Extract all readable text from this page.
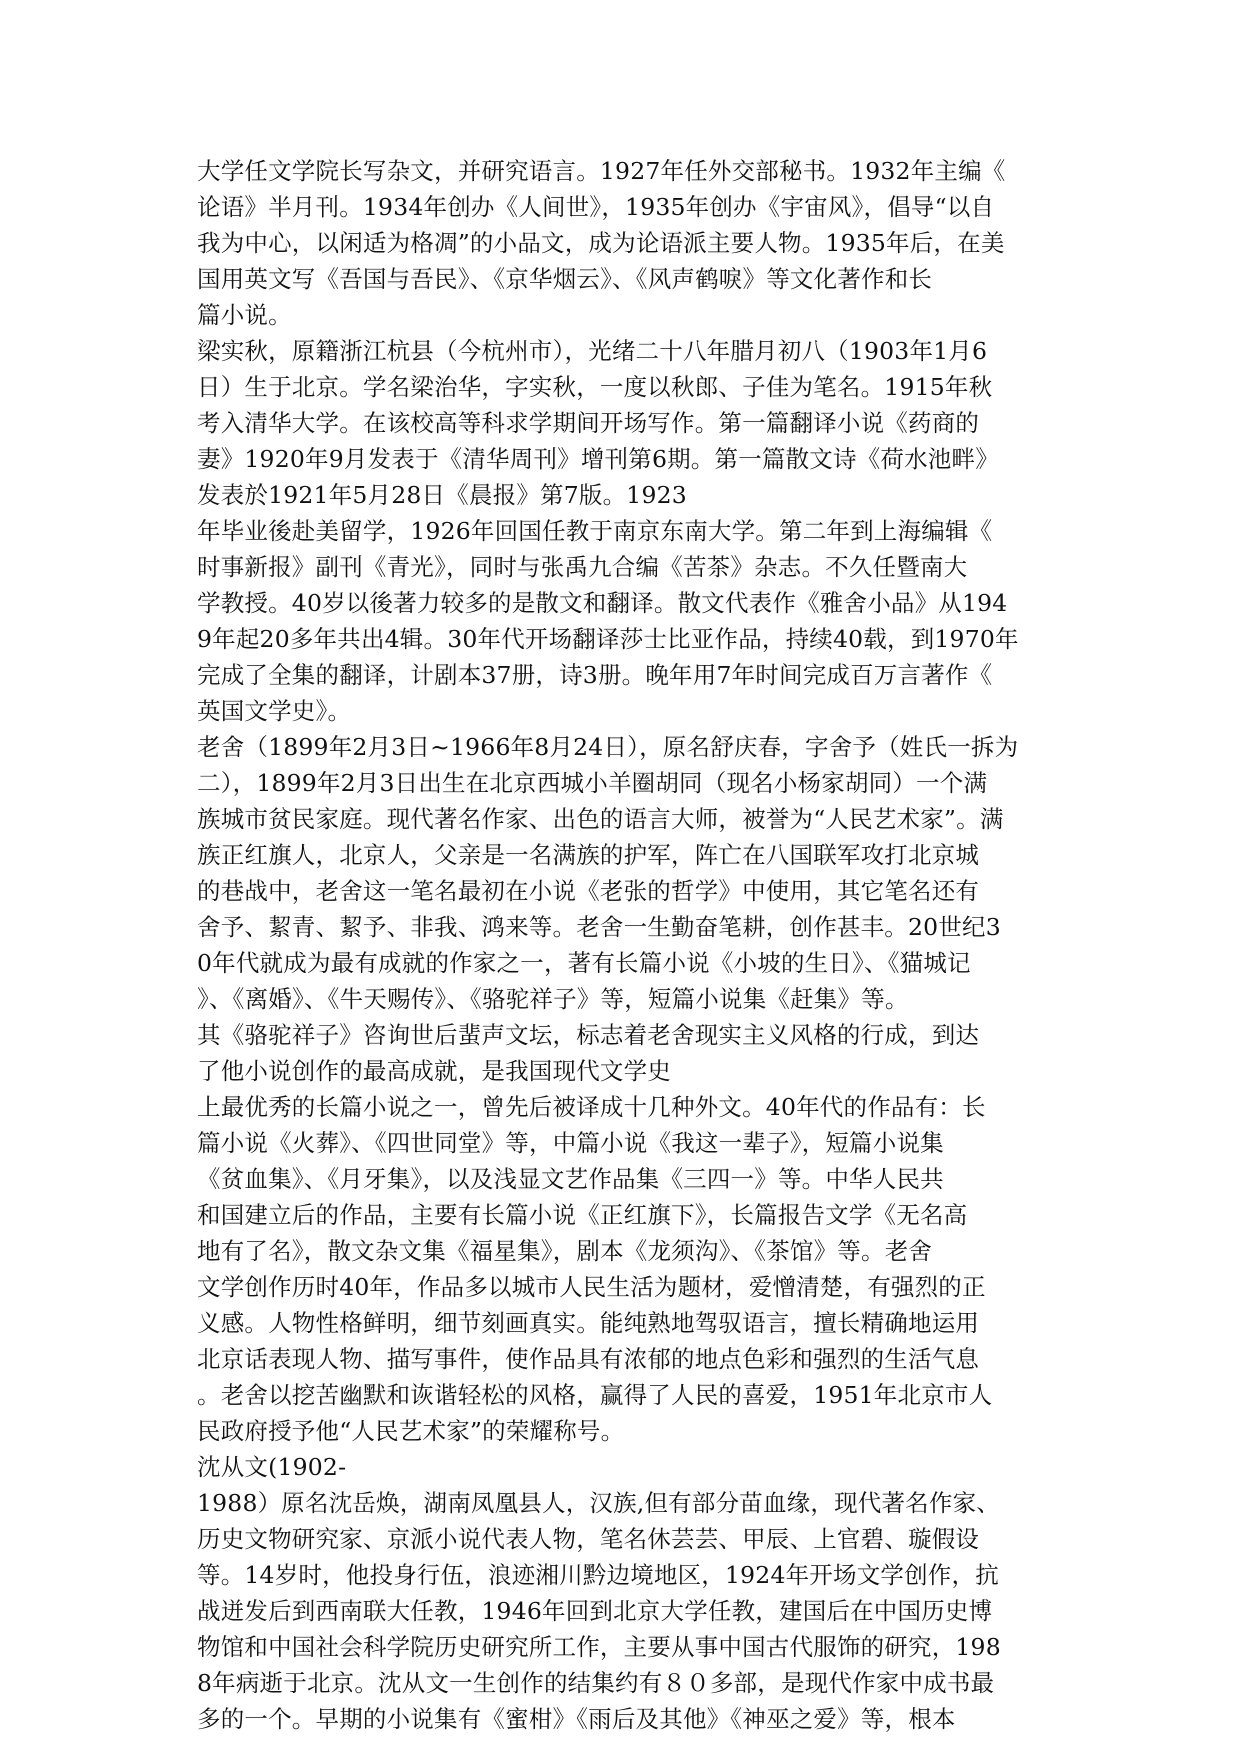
大学任文学院长写杂文，并研究语言。1927年任外交部秘书。1932年主编《
论语》半月刊。1934年创办《人间世》，1935年创办《宇宙风》，倡导“以自
我为中心，以闲适为格凋”的小品文，成为论语派主要人物。1935年后，在美
国用英文写《吾国与吾民》、《京华烟云》、《风声鹤唳》等文化著作和长
篇小说。
梁实秋，原籍浙江杭县（今杭州市），光绪二十八年腊月初八（1903年1月6
日）生于北京。学名梁治华，字实秋，一度以秋郎、子佳为笔名。1915年秋
考入清华大学。在该校高等科求学期间开场写作。第一篇翻译小说《药商的
妻》1920年9月发表于《清华周刊》增刊第6期。第一篇散文诗《荷水池畔》
发表於1921年5月28日《晨报》第7版。1923
年毕业後赴美留学，1926年回国任教于南京东南大学。第二年到上海编辑《
时事新报》副刊《青光》，同时与张禹九合编《苦茶》杂志。不久任暨南大
学教授。40岁以後著力较多的是散文和翻译。散文代表作《雅舍小品》从194
9年起20多年共出4辑。30年代开场翻译莎士比亚作品，持续40载，到1970年
完成了全集的翻译，计剧本37册，诗3册。晚年用7年时间完成百万言著作《
英国文学史》。
老舍（1899年2月3日~1966年8月24日），原名舒庆春，字舍予（姓氏一拆为
二），1899年2月3日出生在北京西城小羊圈胡同（现名小杨家胡同）一个满
族城市贫民家庭。现代著名作家、出色的语言大师，被誉为“人民艺术家”。满
族正红旗人，北京人，父亲是一名满族的护军，阵亡在八国联军攻打北京城
的巷战中，老舍这一笔名最初在小说《老张的哲学》中使用，其它笔名还有
舍予、絜青、絜予、非我、鸿来等。老舍一生勤奋笔耕，创作甚丰。20世纪3
0年代就成为最有成就的作家之一，著有长篇小说《小坡的生日》、《猫城记
》、《离婚》、《牛天赐传》、《骆驼祥子》等，短篇小说集《赶集》等。
其《骆驼祥子》咨询世后蜚声文坛，标志着老舍现实主义风格的行成，到达
了他小说创作的最高成就，是我国现代文学史
上最优秀的长篇小说之一，曾先后被译成十几种外文。40年代的作品有：长
篇小说《火葬》、《四世同堂》等，中篇小说《我这一辈子》，短篇小说集
《贫血集》、《月牙集》，以及浅显文艺作品集《三四一》等。中华人民共
和国建立后的作品，主要有长篇小说《正红旗下》，长篇报告文学《无名高
地有了名》，散文杂文集《福星集》，剧本《龙须沟》、《茶馆》等。老舍
文学创作历时40年，作品多以城市人民生活为题材，爱憎清楚，有强烈的正
义感。人物性格鲜明，细节刻画真实。能纯熟地驾驭语言，擅长精确地运用
北京话表现人物、描写事件，使作品具有浓郁的地点色彩和强烈的生活气息
。老舍以挖苦幽默和诙谐轻松的风格，赢得了人民的喜爱，1951年北京市人
民政府授予他“人民艺术家”的荣耀称号。
沈从文(1902-
1988）原名沈岳焕，湖南凤凰县人，汉族,但有部分苗血缘，现代著名作家、
历史文物研究家、京派小说代表人物，笔名休芸芸、甲辰、上官碧、璇假设
等。14岁时，他投身行伍，浪迹湘川黔边境地区，1924年开场文学创作，抗
战迸发后到西南联大任教，1946年回到北京大学任教，建国后在中国历史博
物馆和中国社会科学院历史研究所工作，主要从事中国古代服饰的研究，198
8年病逝于北京。沈从文一生创作的结集约有８０多部，是现代作家中成书最
多的一个。早期的小说集有《蜜柑》《雨后及其他》《神巫之爱》等，根本
